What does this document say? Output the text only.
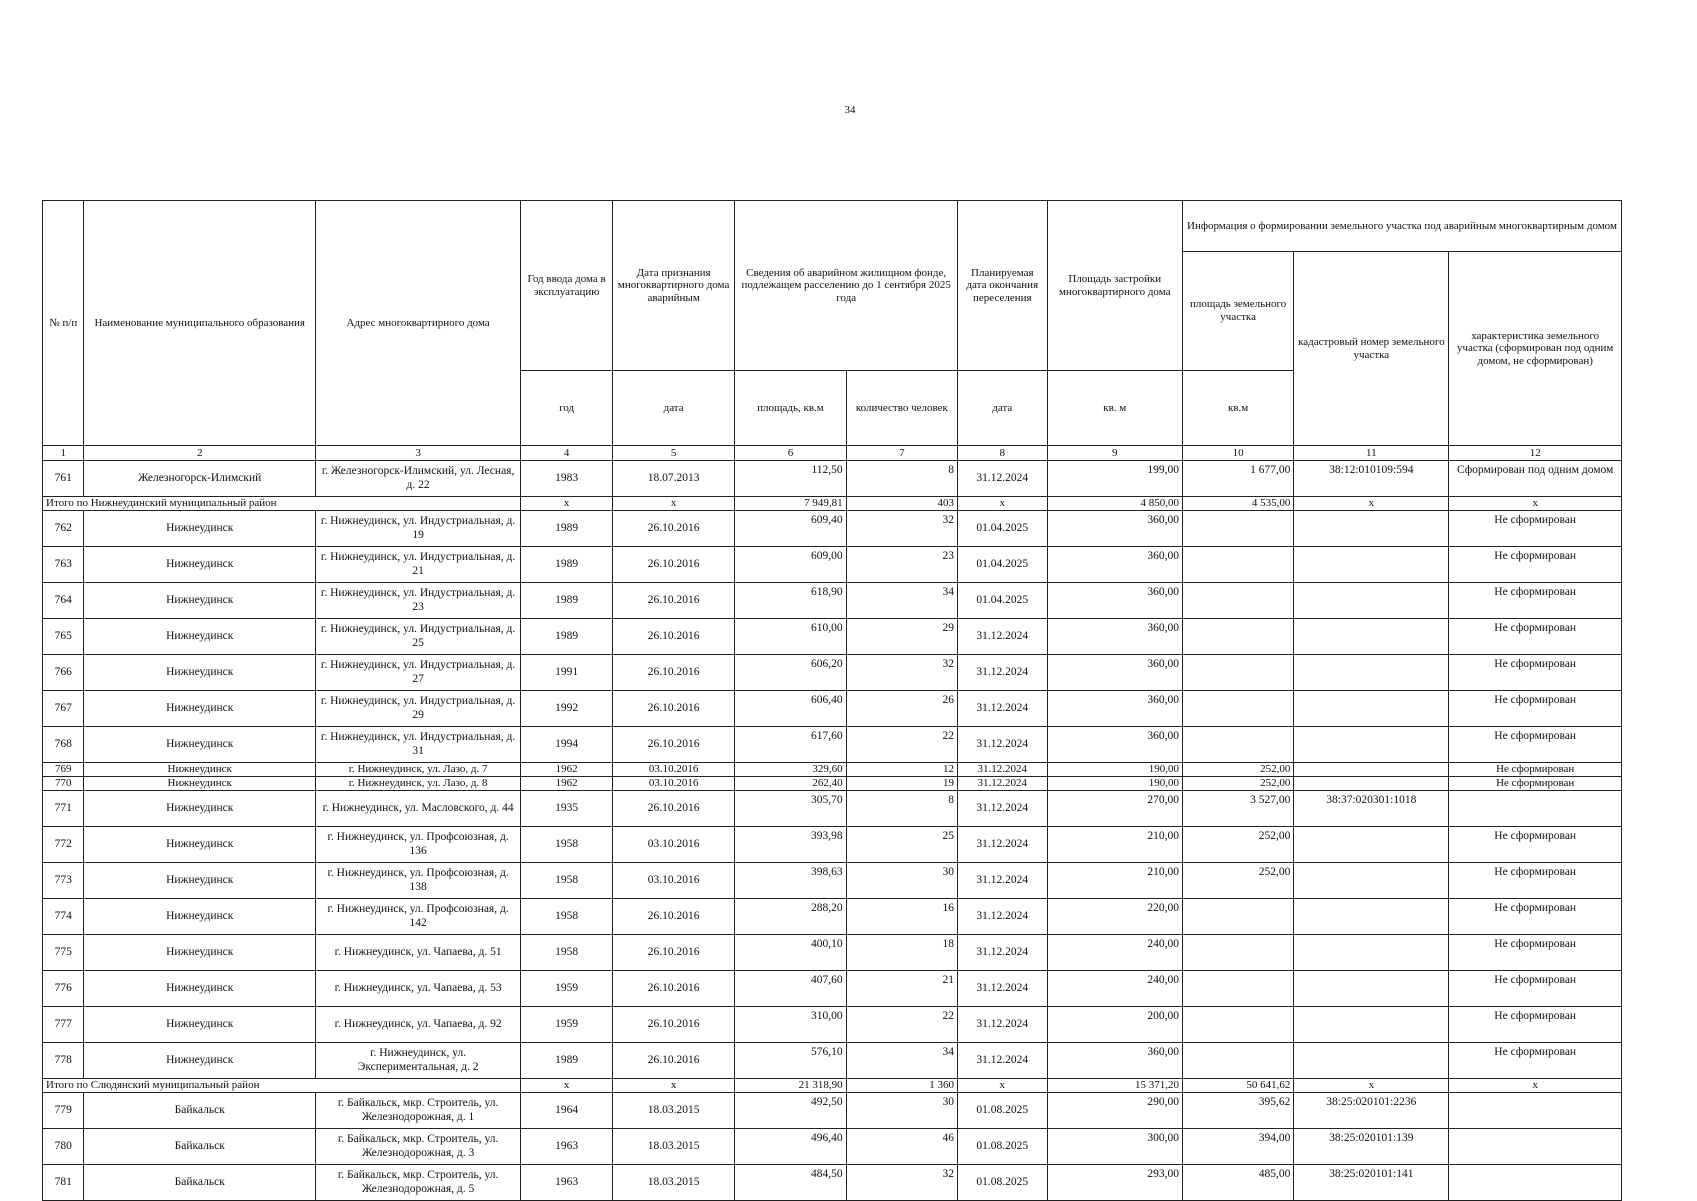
34
№ п/п	Наименование муниципального образования	Адрес многоквартирного дома	Год ввода дома в эксплуатацию	Дата признания многоквартирного дома аварийным	Сведения об аварийном жилищном фонде, подлежащем расселению до 1 сентября 2025 года		Планируемая дата окончания переселения	Площадь застройки многоквартирного дома	Информация о формировании земельного участка под аварийным многоквартирным домом		
									площадь земельного участка	кадастровый номер земельного участка	характеристика земельного участка (сформирован под одним домом, не сформирован)
			год	дата	площадь, кв.м	количество человек	дата	кв. м	кв.м		
1	2	3	4	5	6	7	8	9	10	11	12
761	Железногорск-Илимский	г. Железногорск-Илимский, ул. Лесная, д. 22	1983	18.07.2013	112,50	8	31.12.2024	199,00	1 677,00	38:12:010109:594	Сформирован под одним домом
Итого по Нижнеудинский муниципальный район			х	х	7 949,81	403	х	4 850,00	4 535,00	х	х
762	Нижнеудинск	г. Нижнеудинск, ул. Индустриальная, д. 19	1989	26.10.2016	609,40	32	01.04.2025	360,00			Не сформирован
763	Нижнеудинск	г. Нижнеудинск, ул. Индустриальная, д. 21	1989	26.10.2016	609,00	23	01.04.2025	360,00			Не сформирован
764	Нижнеудинск	г. Нижнеудинск, ул. Индустриальная, д. 23	1989	26.10.2016	618,90	34	01.04.2025	360,00			Не сформирован
765	Нижнеудинск	г. Нижнеудинск, ул. Индустриальная, д. 25	1989	26.10.2016	610,00	29	31.12.2024	360,00			Не сформирован
766	Нижнеудинск	г. Нижнеудинск, ул. Индустриальная, д. 27	1991	26.10.2016	606,20	32	31.12.2024	360,00			Не сформирован
767	Нижнеудинск	г. Нижнеудинск, ул. Индустриальная, д. 29	1992	26.10.2016	606,40	26	31.12.2024	360,00			Не сформирован
768	Нижнеудинск	г. Нижнеудинск, ул. Индустриальная, д. 31	1994	26.10.2016	617,60	22	31.12.2024	360,00			Не сформирован
769	Нижнеудинск	г. Нижнеудинск, ул. Лазо, д. 7	1962	03.10.2016	329,60	12	31.12.2024	190,00	252,00		Не сформирован
770	Нижнеудинск	г. Нижнеудинск, ул. Лазо, д. 8	1962	03.10.2016	262,40	19	31.12.2024	190,00	252,00		Не сформирован
771	Нижнеудинск	г. Нижнеудинск, ул. Масловского, д. 44	1935	26.10.2016	305,70	8	31.12.2024	270,00	3 527,00	38:37:020301:1018	
772	Нижнеудинск	г. Нижнеудинск, ул. Профсоюзная, д. 136	1958	03.10.2016	393,98	25	31.12.2024	210,00	252,00		Не сформирован
773	Нижнеудинск	г. Нижнеудинск, ул. Профсоюзная, д. 138	1958	03.10.2016	398,63	30	31.12.2024	210,00	252,00		Не сформирован
774	Нижнеудинск	г. Нижнеудинск, ул. Профсоюзная, д. 142	1958	26.10.2016	288,20	16	31.12.2024	220,00			Не сформирован
775	Нижнеудинск	г. Нижнеудинск, ул. Чапаева, д. 51	1958	26.10.2016	400,10	18	31.12.2024	240,00			Не сформирован
776	Нижнеудинск	г. Нижнеудинск, ул. Чапаева, д. 53	1959	26.10.2016	407,60	21	31.12.2024	240,00			Не сформирован
777	Нижнеудинск	г. Нижнеудинск, ул. Чапаева, д. 92	1959	26.10.2016	310,00	22	31.12.2024	200,00			Не сформирован
778	Нижнеудинск	г. Нижнеудинск, ул. Экспериментальная, д. 2	1989	26.10.2016	576,10	34	31.12.2024	360,00			Не сформирован
Итого по Слюдянский муниципальный район			х	х	21 318,90	1 360	х	15 371,20	50 641,62	х	х
779	Байкальск	г. Байкальск, мкр. Строитель, ул. Железнодорожная, д. 1	1964	18.03.2015	492,50	30	01.08.2025	290,00	395,62	38:25:020101:2236	
780	Байкальск	г. Байкальск, мкр. Строитель, ул. Железнодорожная, д. 3	1963	18.03.2015	496,40	46	01.08.2025	300,00	394,00	38:25:020101:139	
781	Байкальск	г. Байкальск, мкр. Строитель, ул. Железнодорожная, д. 5	1963	18.03.2015	484,50	32	01.08.2025	293,00	485,00	38:25:020101:141	
